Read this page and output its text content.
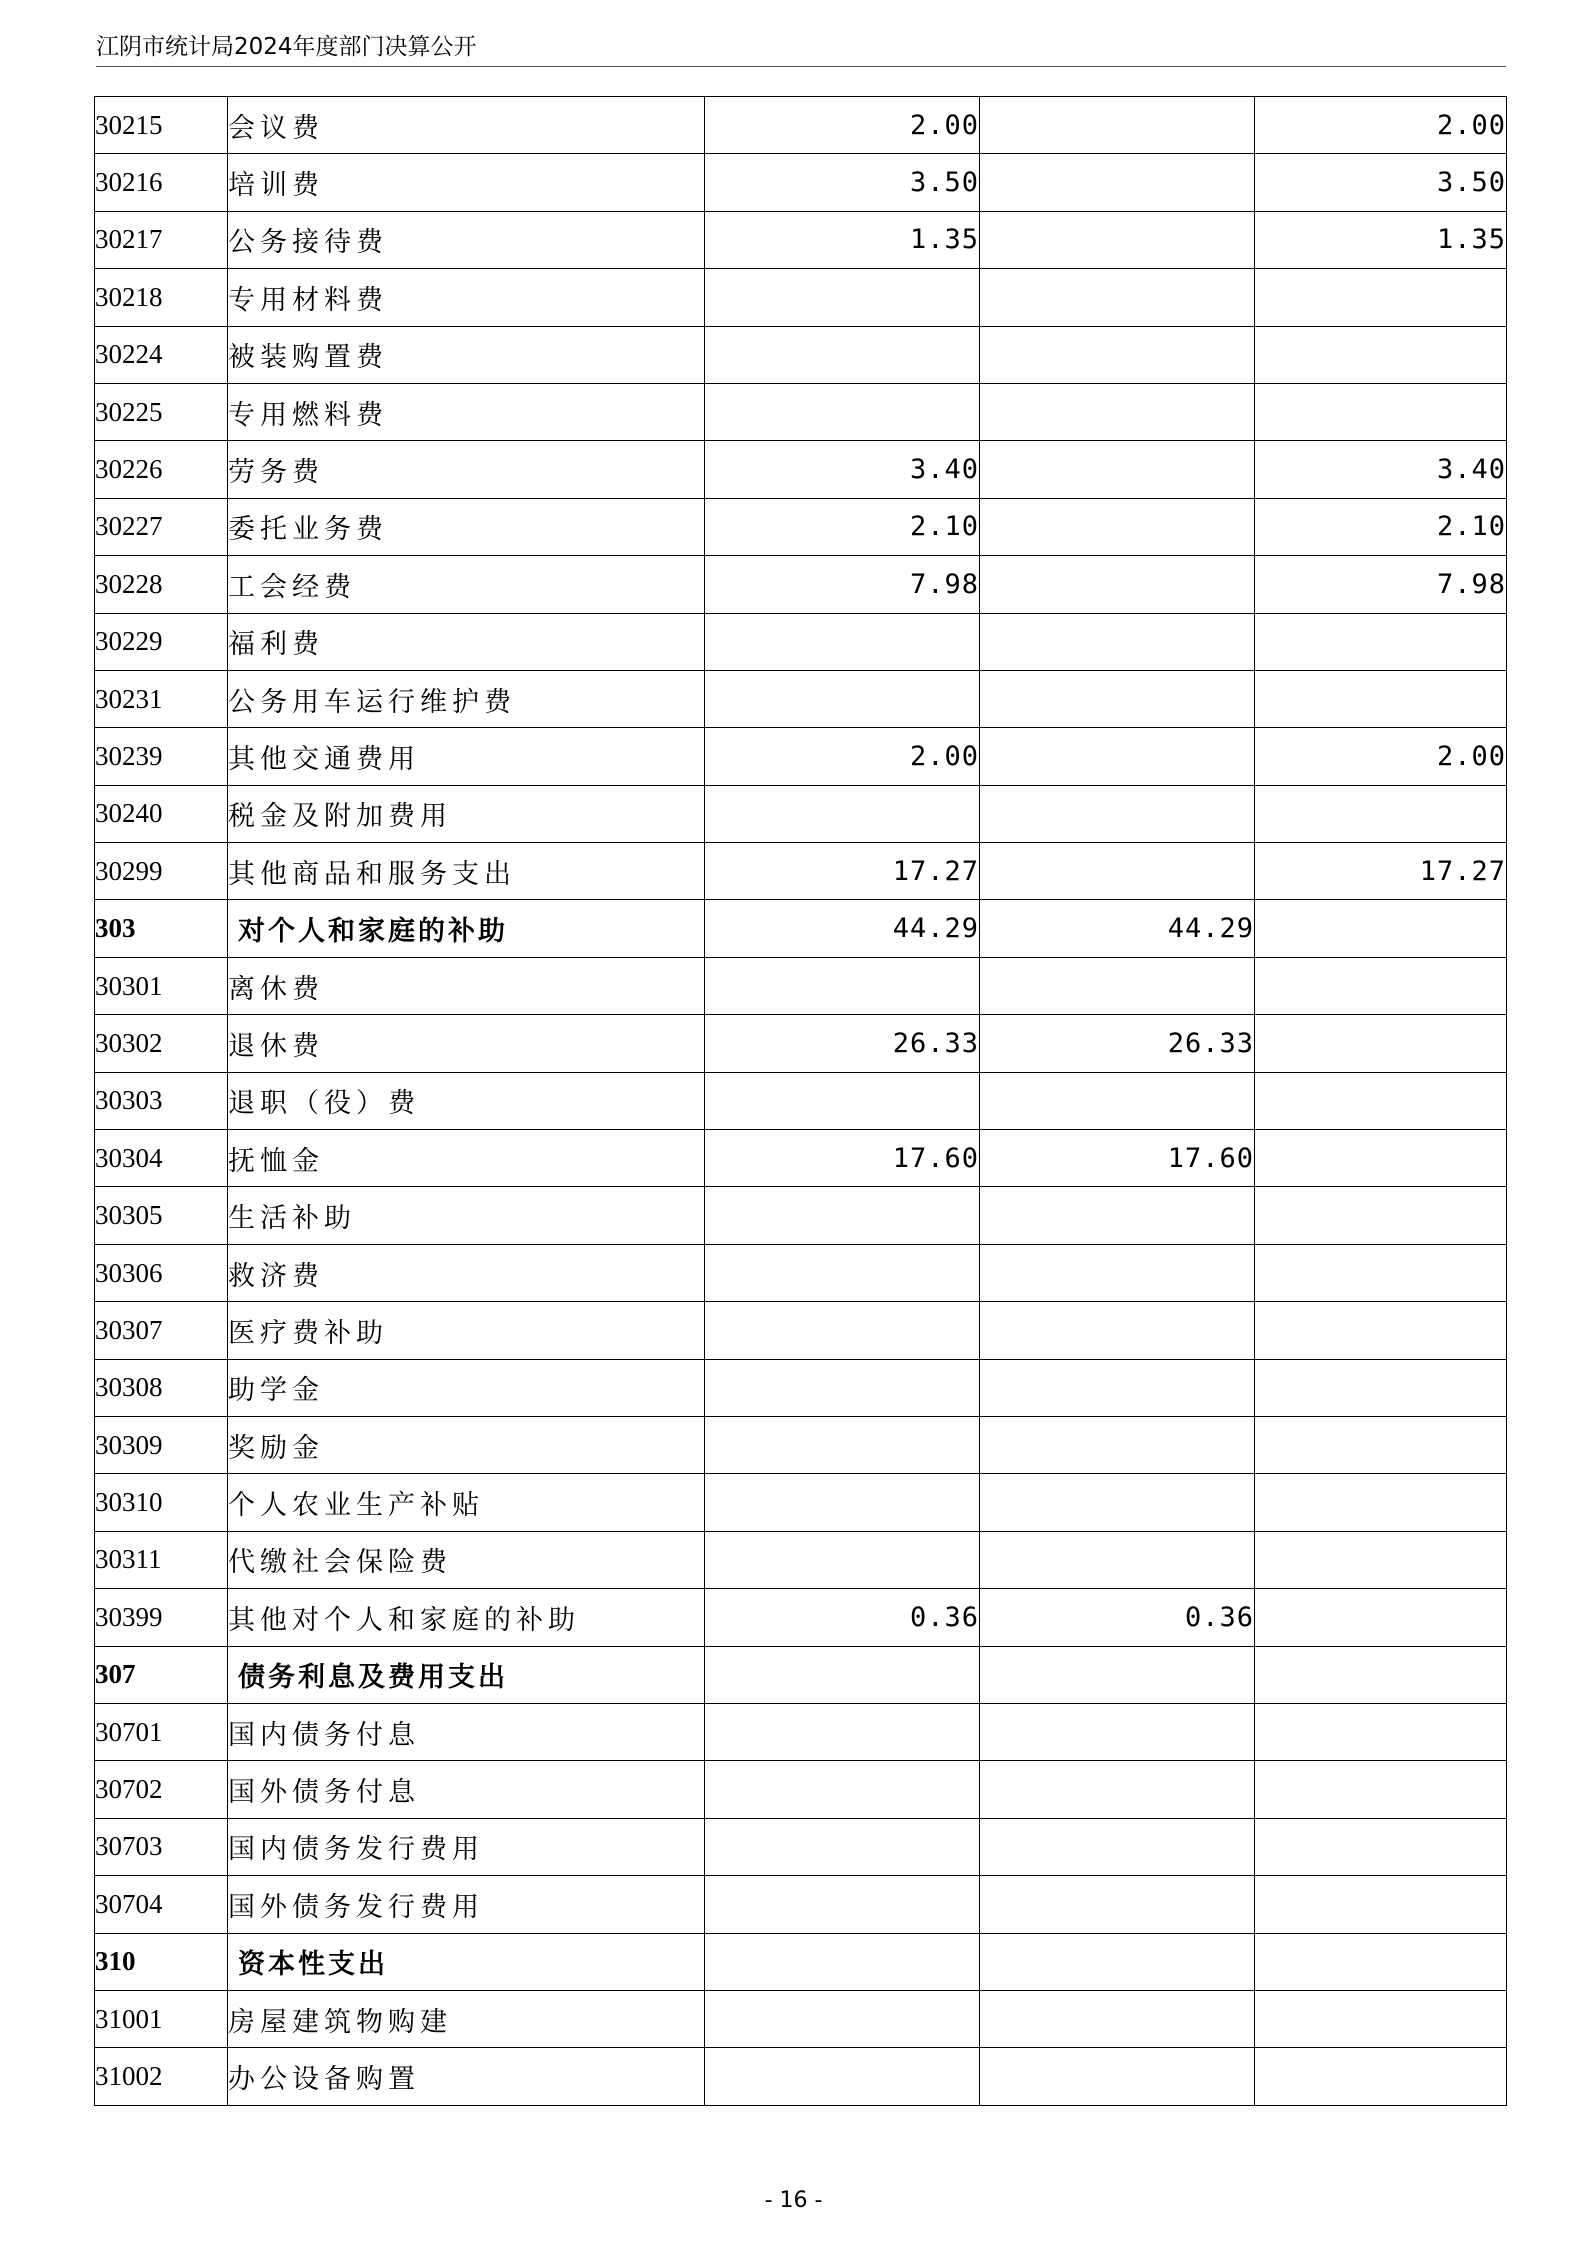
江阴市统计局2024年度部门决算公开
30215	会议费	2.00		2.00
30216	培训费	3.50		3.50
30217	公务接待费	1.35		1.35
30218	专用材料费			
30224	被装购置费			
30225	专用燃料费			
30226	劳务费	3.40		3.40
30227	委托业务费	2.10		2.10
30228	工会经费	7.98		7.98
30229	福利费			
30231	公务用车运行维护费			
30239	其他交通费用	2.00		2.00
30240	税金及附加费用			
30299	其他商品和服务支出	17.27		17.27
303	对个人和家庭的补助	44.29	44.29	
30301	离休费			
30302	退休费	26.33	26.33	
30303	退职（役）费			
30304	抚恤金	17.60	17.60	
30305	生活补助			
30306	救济费			
30307	医疗费补助			
30308	助学金			
30309	奖励金			
30310	个人农业生产补贴			
30311	代缴社会保险费			
30399	其他对个人和家庭的补助	0.36	0.36	
307	债务利息及费用支出			
30701	国内债务付息			
30702	国外债务付息			
30703	国内债务发行费用			
30704	国外债务发行费用			
310	资本性支出			
31001	房屋建筑物购建			
31002	办公设备购置			
- 16 -
